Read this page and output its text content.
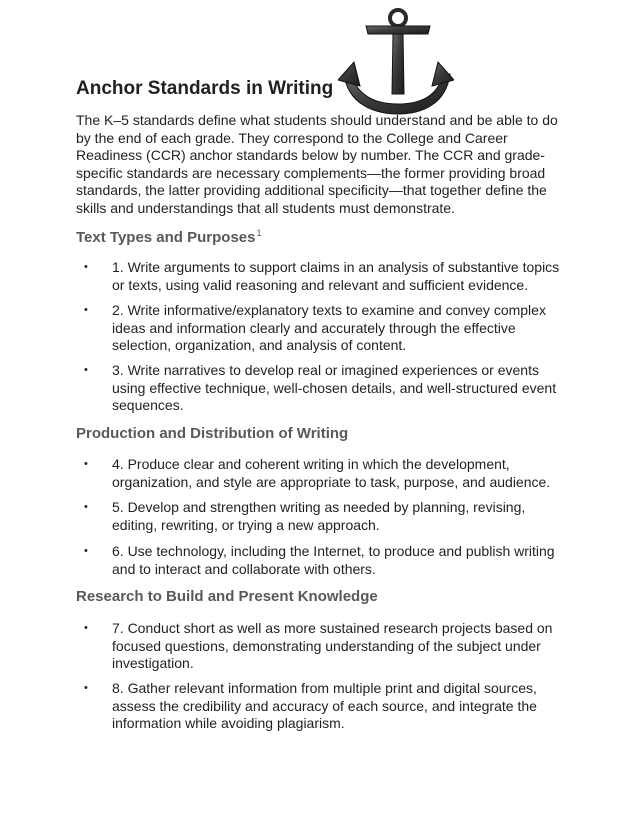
Anchor Standards in Writing

The K–5 standards define what students should understand and be able to do by the end of each grade. They correspond to the College and Career Readiness (CCR) anchor standards below by number. The CCR and grade-specific standards are necessary complements—the former providing broad standards, the latter providing additional specificity—that together define the skills and understandings that all students must demonstrate.

Text Types and Purposes$^1$
• 1. Write arguments to support claims in an analysis of substantive topics or texts, using valid reasoning and relevant and sufficient evidence.
• 2. Write informative/explanatory texts to examine and convey complex ideas and information clearly and accurately through the effective selection, organization, and analysis of content.
• 3. Write narratives to develop real or imagined experiences or events using effective technique, well-chosen details, and well-structured event sequences.
Production and Distribution of Writing
• 4. Produce clear and coherent writing in which the development, organization, and style are appropriate to task, purpose, and audience.
• 5. Develop and strengthen writing as needed by planning, revising, editing, rewriting, or trying a new approach.
• 6. Use technology, including the Internet, to produce and publish writing and to interact and collaborate with others.
Research to Build and Present Knowledge
• 7. Conduct short as well as more sustained research projects based on focused questions, demonstrating understanding of the subject under investigation.
• 8. Gather relevant information from multiple print and digital sources, assess the credibility and accuracy of each source, and integrate the information while avoiding plagiarism.
